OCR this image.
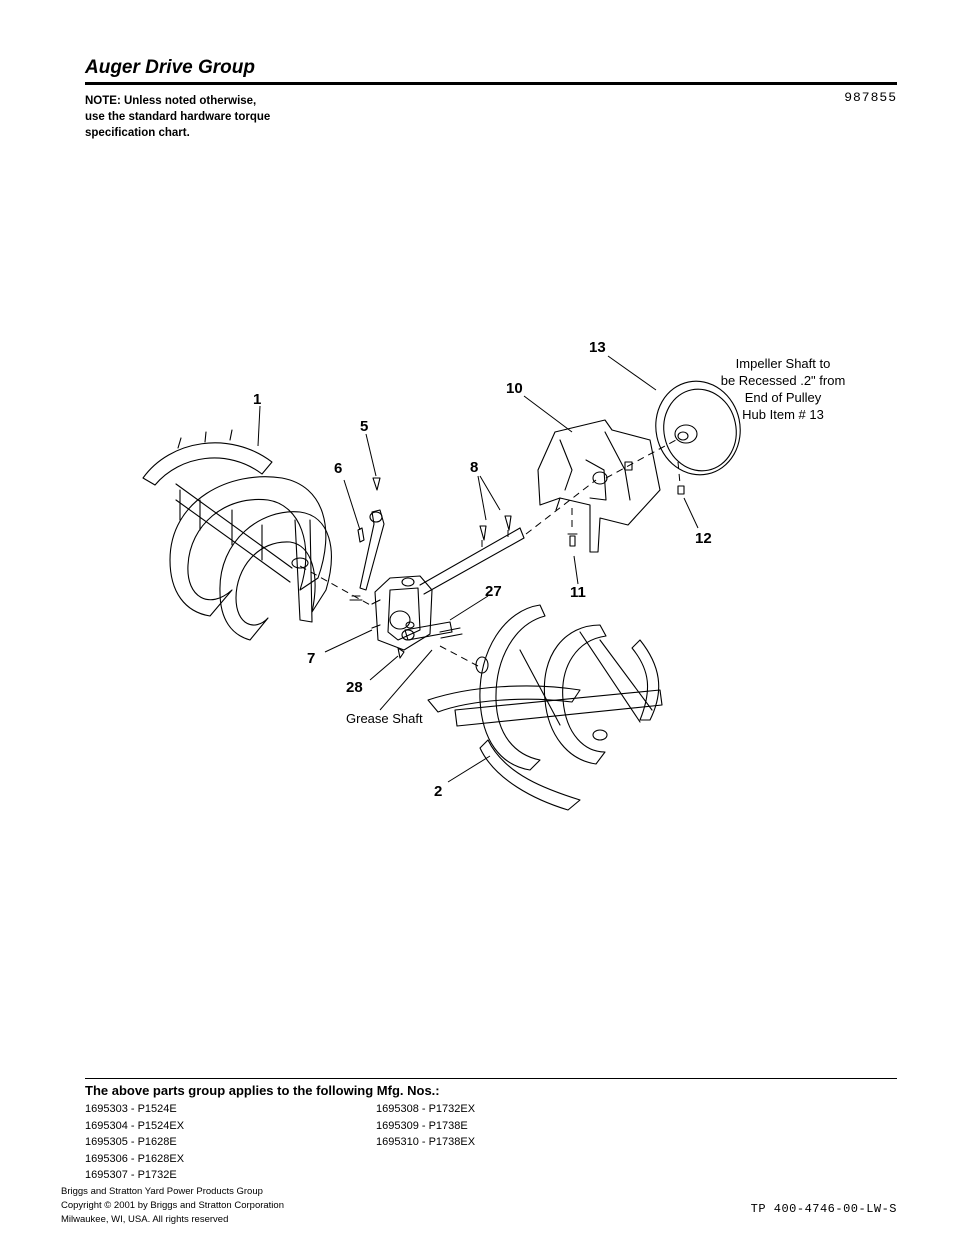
Auger Drive Group
NOTE: Unless noted otherwise,
use the standard hardware torque
specification chart.
987855
1
5
6	8
10
13
12
11
27
7
28
2
Impeller Shaft to
be Recessed .2" from
End of Pulley
Hub Item # 13
Grease Shaft
The above parts group applies to the following Mfg. Nos.:
1695303 - P1524E
1695304 - P1524EX
1695305 - P1628E
1695306 - P1628EX
1695307 - P1732E
1695308 - P1732EX
1695309 - P1738E
1695310 - P1738EX
Briggs and Stratton Yard Power Products Group
Copyright © 2001 by Briggs and Stratton Corporation
Milwaukee, WI, USA. All rights reserved
TP 400-4746-00-LW-S
